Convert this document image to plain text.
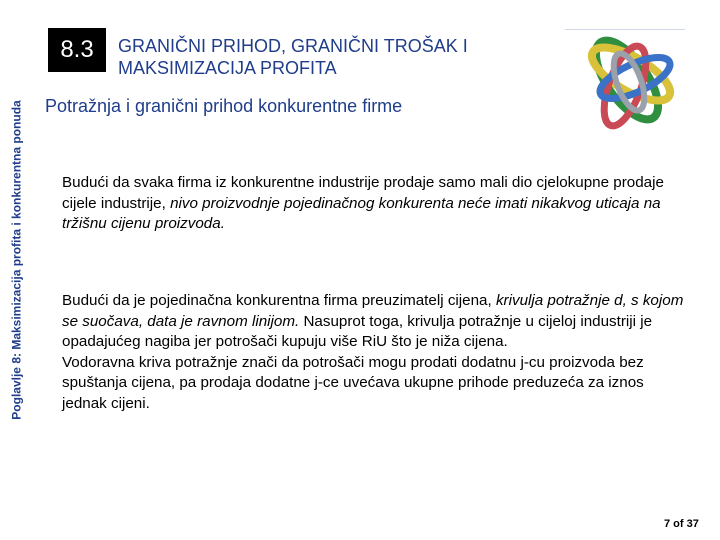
Poglavlje 8: Maksimizacija profita i konkurentna ponuda
8.3	GRANIČNI PRIHOD, GRANIČNI TROŠAK I
MAKSIMIZACIJA PROFITA
Potražnja i granični prihod konkurentne firme
Budući da svaka firma iz konkurentne industrije prodaje samo mali dio cjelokupne prodaje cijele industrije, nivo proizvodnje pojedinačnog konkurenta neće imati nikakvog uticaja na tržišnu cijenu proizvoda.
Budući da je pojedinačna konkurentna firma preuzimatelj cijena, krivulja potražnje d, s kojom se suočava, data je ravnom linijom. Nasuprot toga, krivulja potražnje u cijeloj industriji je opadajućeg nagiba jer potrošači kupuju više RiU što je niža cijena.
Vodoravna kriva potražnje znači da potrošači mogu prodati dodatnu j-cu proizvoda bez spuštanja cijena, pa prodaja dodatne j-ce uvećava ukupne prihode preduzeća za iznos jednak cijeni.
7 of 37
